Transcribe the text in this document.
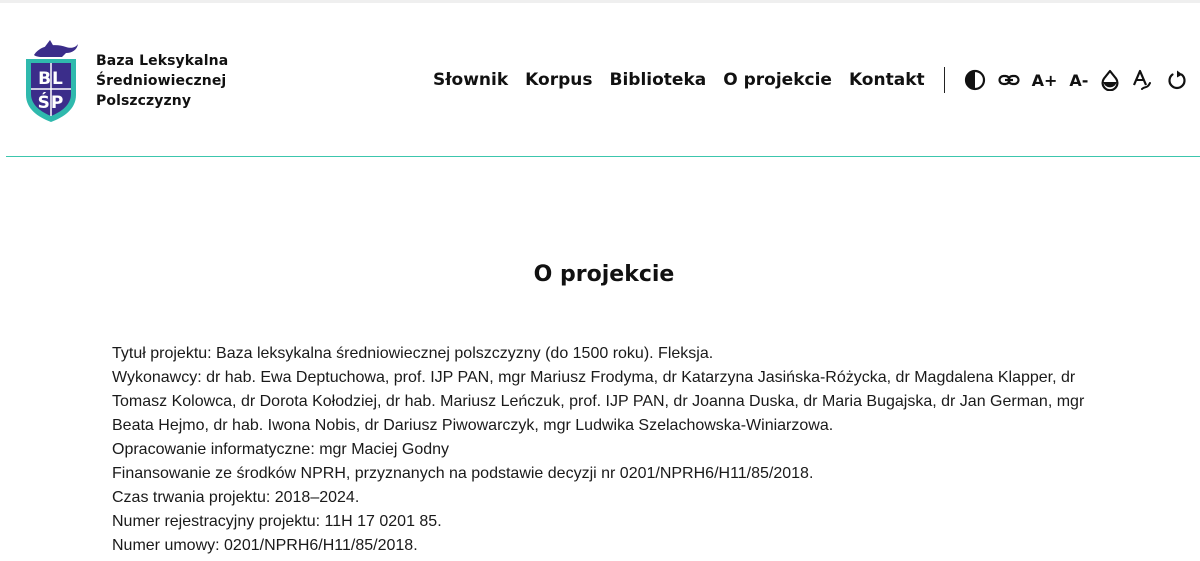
BL
ŚP
Baza Leksykalna
Średniowiecznej
Polszczyzny
Słownik Korpus Biblioteka O projekcie Kontakt	A+ A-
O projekcie

Tytuł projektu: Baza leksykalna średniowiecznej polszczyzny (do 1500 roku). Fleksja.

Wykonawcy: dr hab. Ewa Deptuchowa, prof. IJP PAN, mgr Mariusz Frodyma, dr Katarzyna Jasińska-Różycka, dr Magdalena Klapper, dr Tomasz Kolowca, dr Dorota Kołodziej, dr hab. Mariusz Leńczuk, prof. IJP PAN, dr Joanna Duska, dr Maria Bugajska, dr Jan German, mgr Beata Hejmo, dr hab. Iwona Nobis, dr Dariusz Piwowarczyk, mgr Ludwika Szelachowska-Winiarzowa.

Opracowanie informatyczne: mgr Maciej Godny

Finansowanie ze środków NPRH, przyznanych na podstawie decyzji nr 0201/NPRH6/H11/85/2018.

Czas trwania projektu: 2018–2024.

Numer rejestracyjny projektu: 11H 17 0201 85.

Numer umowy: 0201/NPRH6/H11/85/2018.
